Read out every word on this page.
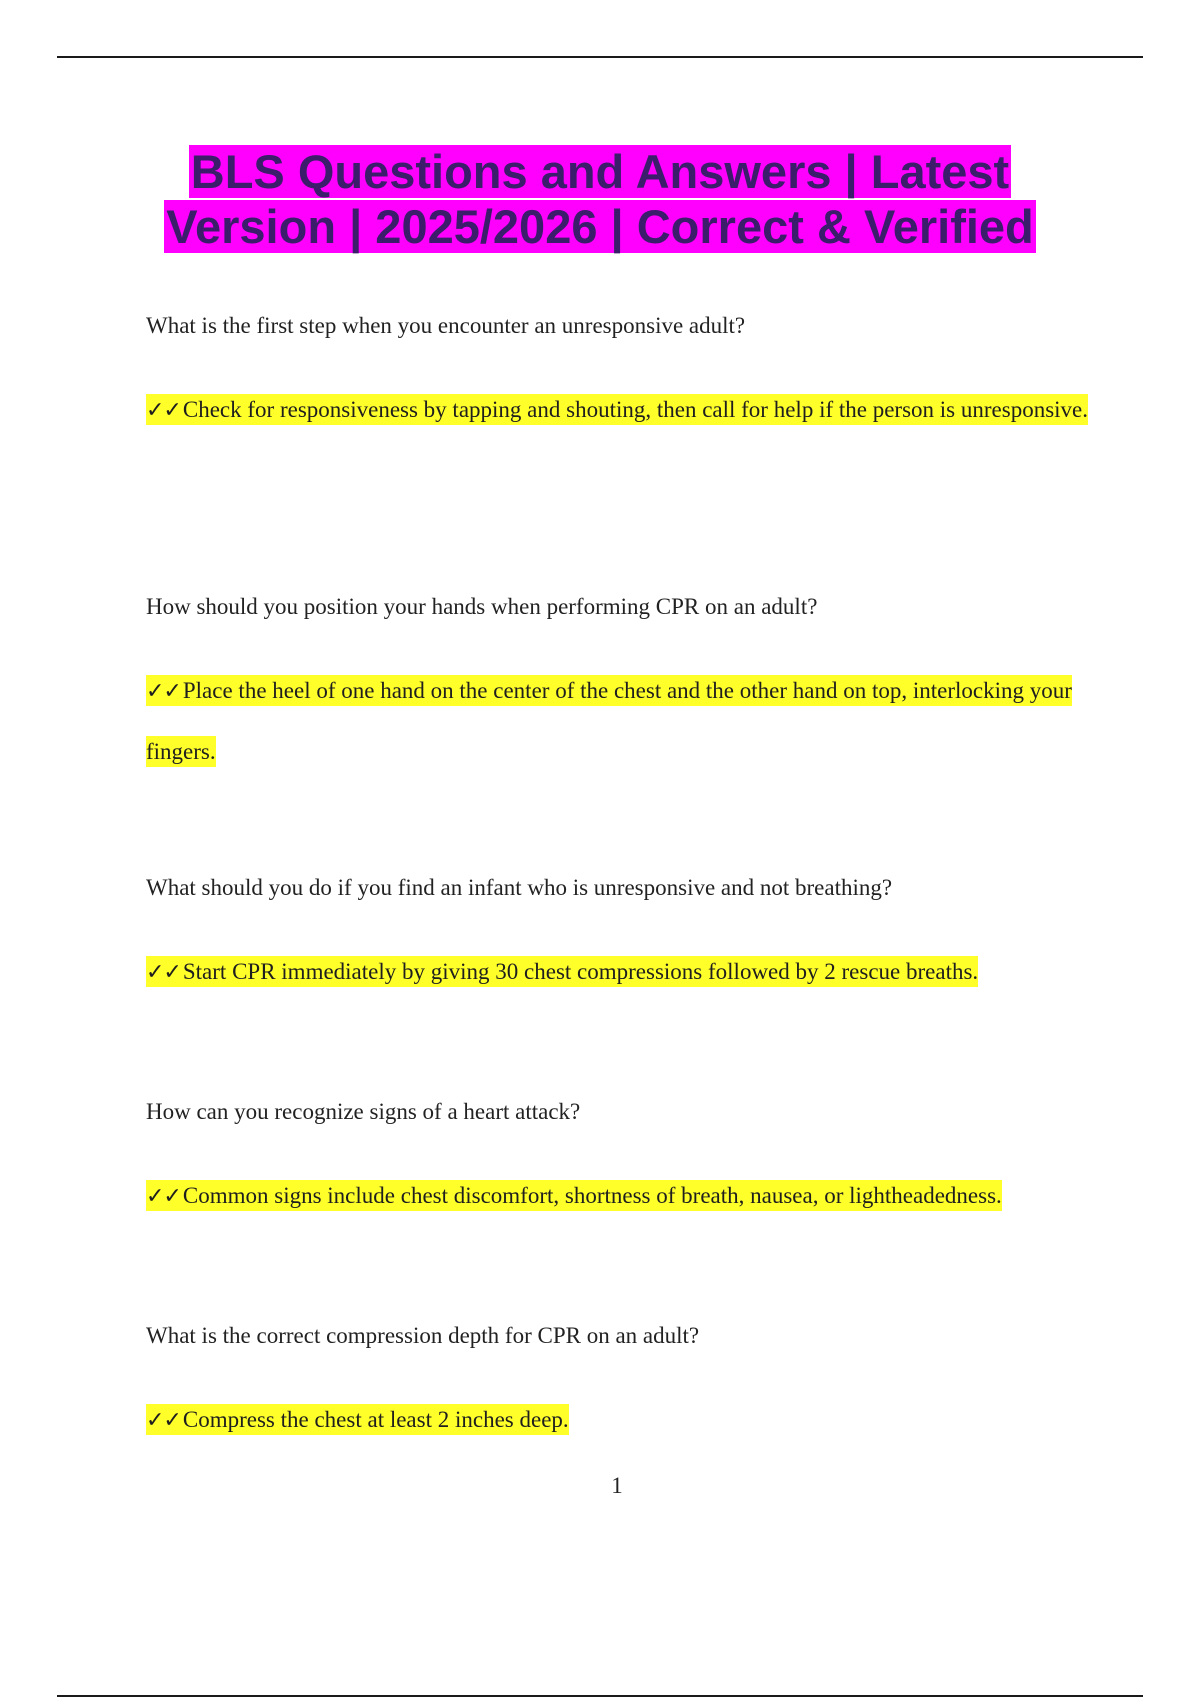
BLS Questions and Answers | Latest
Version | 2025/2026 | Correct & Verified

What is the first step when you encounter an unresponsive adult?

✓✓Check for responsiveness by tapping and shouting, then call for help if the person is unresponsive.

How should you position your hands when performing CPR on an adult?

✓✓Place the heel of one hand on the center of the chest and the other hand on top, interlocking your fingers.

What should you do if you find an infant who is unresponsive and not breathing?

✓✓Start CPR immediately by giving 30 chest compressions followed by 2 rescue breaths.

How can you recognize signs of a heart attack?

✓✓Common signs include chest discomfort, shortness of breath, nausea, or lightheadedness.

What is the correct compression depth for CPR on an adult?

✓✓Compress the chest at least 2 inches deep.

1
